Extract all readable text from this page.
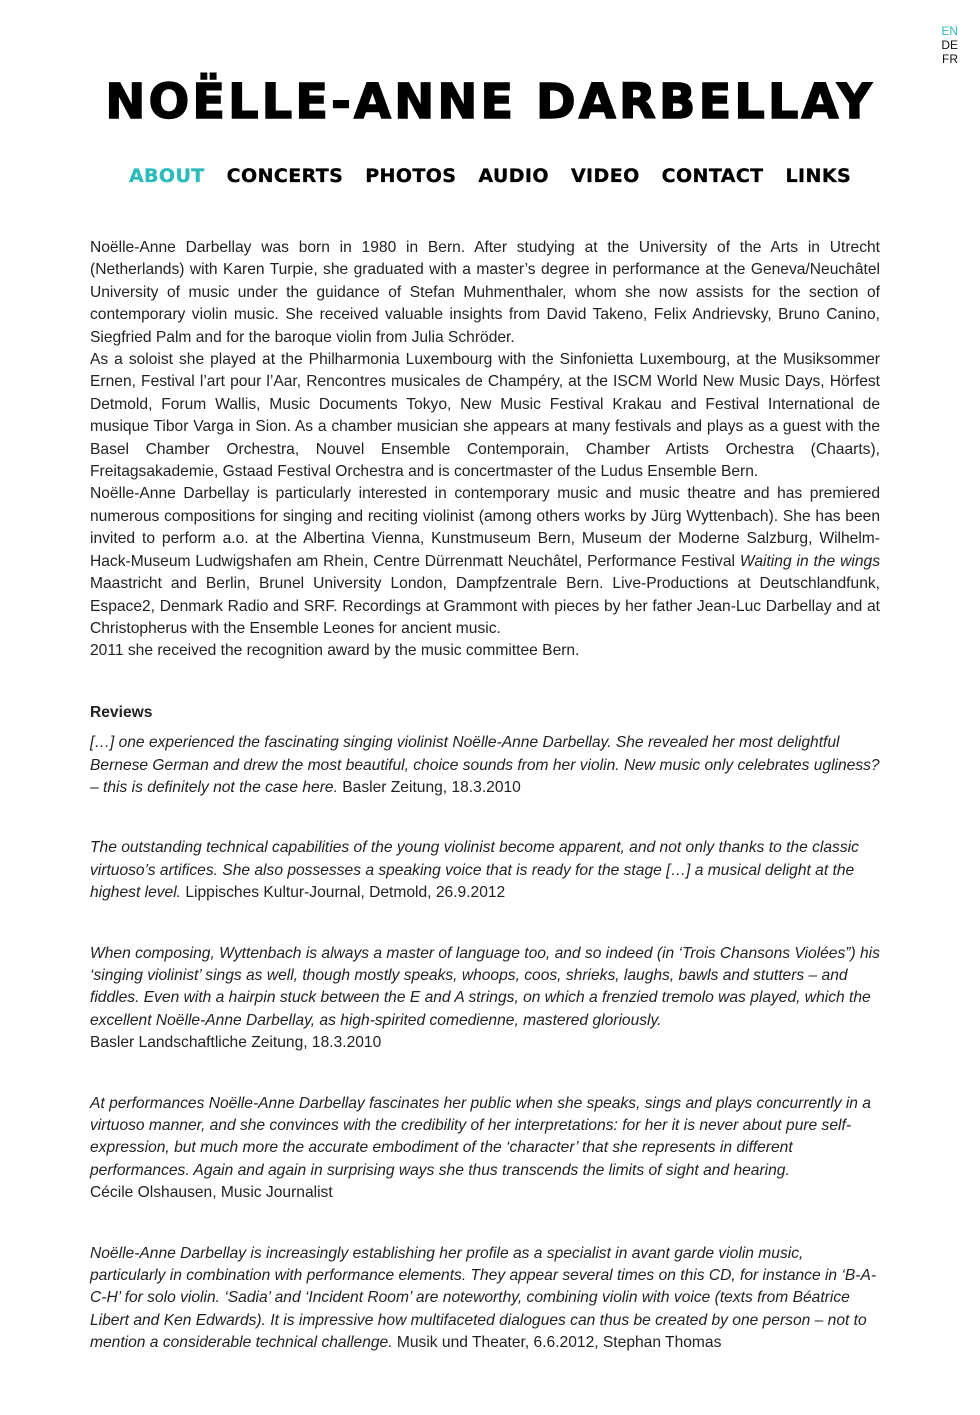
EN
DE
FR
NOËLLE-ANNE DARBELLAY
ABOUT CONCERTS PHOTOS AUDIO VIDEO CONTACT LINKS

Noëlle-Anne Darbellay was born in 1980 in Bern. After studying at the University of the Arts in Utrecht (Netherlands) with Karen Turpie, she graduated with a master’s degree in performance at the Geneva/Neuchâtel University of music under the guidance of Stefan Muhmenthaler, whom she now assists for the section of contemporary violin music. She received valuable insights from David Takeno, Felix Andrievsky, Bruno Canino, Siegfried Palm and for the baroque violin from Julia Schröder.

As a soloist she played at the Philharmonia Luxembourg with the Sinfonietta Luxembourg, at the Musiksommer Ernen, Festival l’art pour l’Aar, Rencontres musicales de Champéry, at the ISCM World New Music Days, Hörfest Detmold, Forum Wallis, Music Documents Tokyo, New Music Festival Krakau and Festival International de musique Tibor Varga in Sion. As a chamber musician she appears at many festivals and plays as a guest with the Basel Chamber Orchestra, Nouvel Ensemble Contemporain, Chamber Artists Orchestra (Chaarts), Freitagsakademie, Gstaad Festival Orchestra and is concertmaster of the Ludus Ensemble Bern.

Noëlle-Anne Darbellay is particularly interested in contemporary music and music theatre and has premiered numerous compositions for singing and reciting violinist (among others works by Jürg Wyttenbach). She has been invited to perform a.o. at the Albertina Vienna, Kunstmuseum Bern, Museum der Moderne Salzburg, Wilhelm-Hack-Museum Ludwigshafen am Rhein, Centre Dürrenmatt Neuchâtel, Performance Festival Waiting in the wings Maastricht and Berlin, Brunel University London, Dampfzentrale Bern. Live-Productions at Deutschlandfunk, Espace2, Denmark Radio and SRF. Recordings at Grammont with pieces by her father Jean-Luc Darbellay and at Christopherus with the Ensemble Leones for ancient music.

2011 she received the recognition award by the music committee Bern.

Reviews

[…] one experienced the fascinating singing violinist Noëlle-Anne Darbellay. She revealed her most delightful Bernese German and drew the most beautiful, choice sounds from her violin. New music only celebrates ugliness? – this is definitely not the case here. Basler Zeitung, 18.3.2010

The outstanding technical capabilities of the young violinist become apparent, and not only thanks to the classic virtuoso’s artifices. She also possesses a speaking voice that is ready for the stage […] a musical delight at the highest level. Lippisches Kultur-Journal, Detmold, 26.9.2012

When composing, Wyttenbach is always a master of language too, and so indeed (in ‘Trois Chansons Violées”) his ‘singing violinist’ sings as well, though mostly speaks, whoops, coos, shrieks, laughs, bawls and stutters – and fiddles. Even with a hairpin stuck between the E and A strings, on which a frenzied tremolo was played, which the excellent Noëlle-Anne Darbellay, as high-spirited comedienne, mastered gloriously.
Basler Landschaftliche Zeitung, 18.3.2010

At performances Noëlle-Anne Darbellay fascinates her public when she speaks, sings and plays concurrently in a virtuoso manner, and she convinces with the credibility of her interpretations: for her it is never about pure self-expression, but much more the accurate embodiment of the ‘character’ that she represents in different performances. Again and again in surprising ways she thus transcends the limits of sight and hearing.
Cécile Olshausen, Music Journalist

Noëlle-Anne Darbellay is increasingly establishing her profile as a specialist in avant garde violin music, particularly in combination with performance elements. They appear several times on this CD, for instance in ‘B-A-C-H’ for solo violin. ‘Sadia’ and ‘Incident Room’ are noteworthy, combining violin with voice (texts from Béatrice Libert and Ken Edwards). It is impressive how multifaceted dialogues can thus be created by one person – not to mention a considerable technical challenge. Musik und Theater, 6.6.2012, Stephan Thomas
